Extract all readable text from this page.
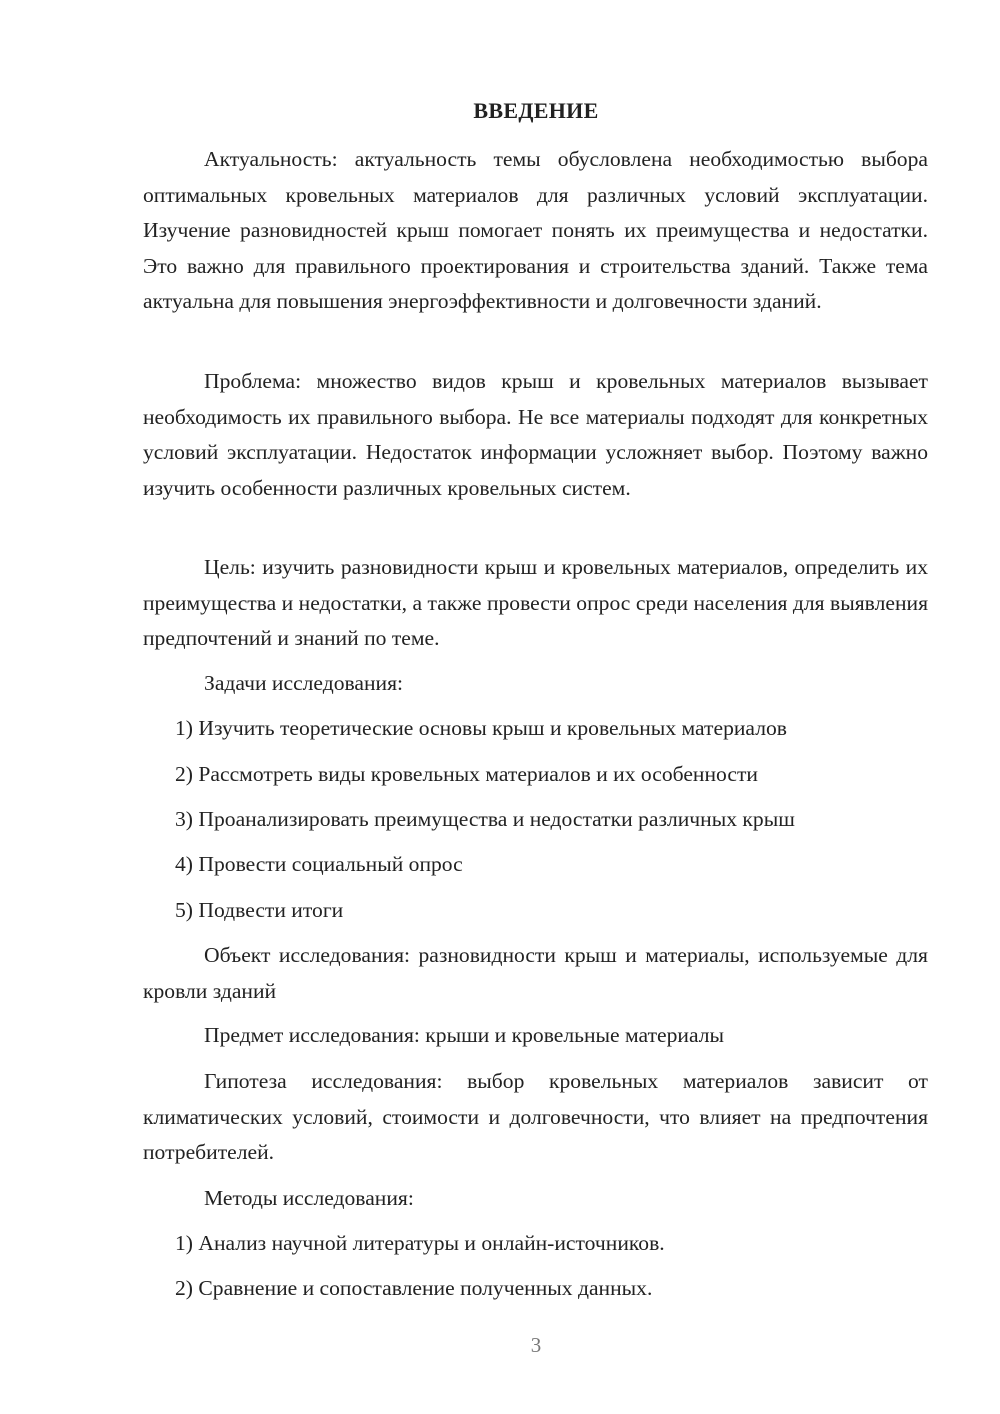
ВВЕДЕНИЕ

Актуальность: актуальность темы обусловлена необходимостью выбора оптимальных кровельных материалов для различных условий эксплуатации. Изучение разновидностей крыш помогает понять их преимущества и недостатки. Это важно для правильного проектирования и строительства зданий. Также тема актуальна для повышения энергоэффективности и долговечности зданий.

Проблема: множество видов крыш и кровельных материалов вызывает необходимость их правильного выбора. Не все материалы подходят для конкретных условий эксплуатации. Недостаток информации усложняет выбор. Поэтому важно изучить особенности различных кровельных систем.

Цель: изучить разновидности крыш и кровельных материалов, определить их преимущества и недостатки, а также провести опрос среди населения для выявления предпочтений и знаний по теме.

Задачи исследования:

1) Изучить теоретические основы крыш и кровельных материалов

2) Рассмотреть виды кровельных материалов и их особенности

3) Проанализировать преимущества и недостатки различных крыш

4) Провести социальный опрос

5) Подвести итоги

Объект исследования: разновидности крыш и материалы, используемые для кровли зданий

Предмет исследования: крыши и кровельные материалы

Гипотеза исследования: выбор кровельных материалов зависит от климатических условий, стоимости и долговечности, что влияет на предпочтения потребителей.

Методы исследования:

1) Анализ научной литературы и онлайн-источников.

2) Сравнение и сопоставление полученных данных.

3
